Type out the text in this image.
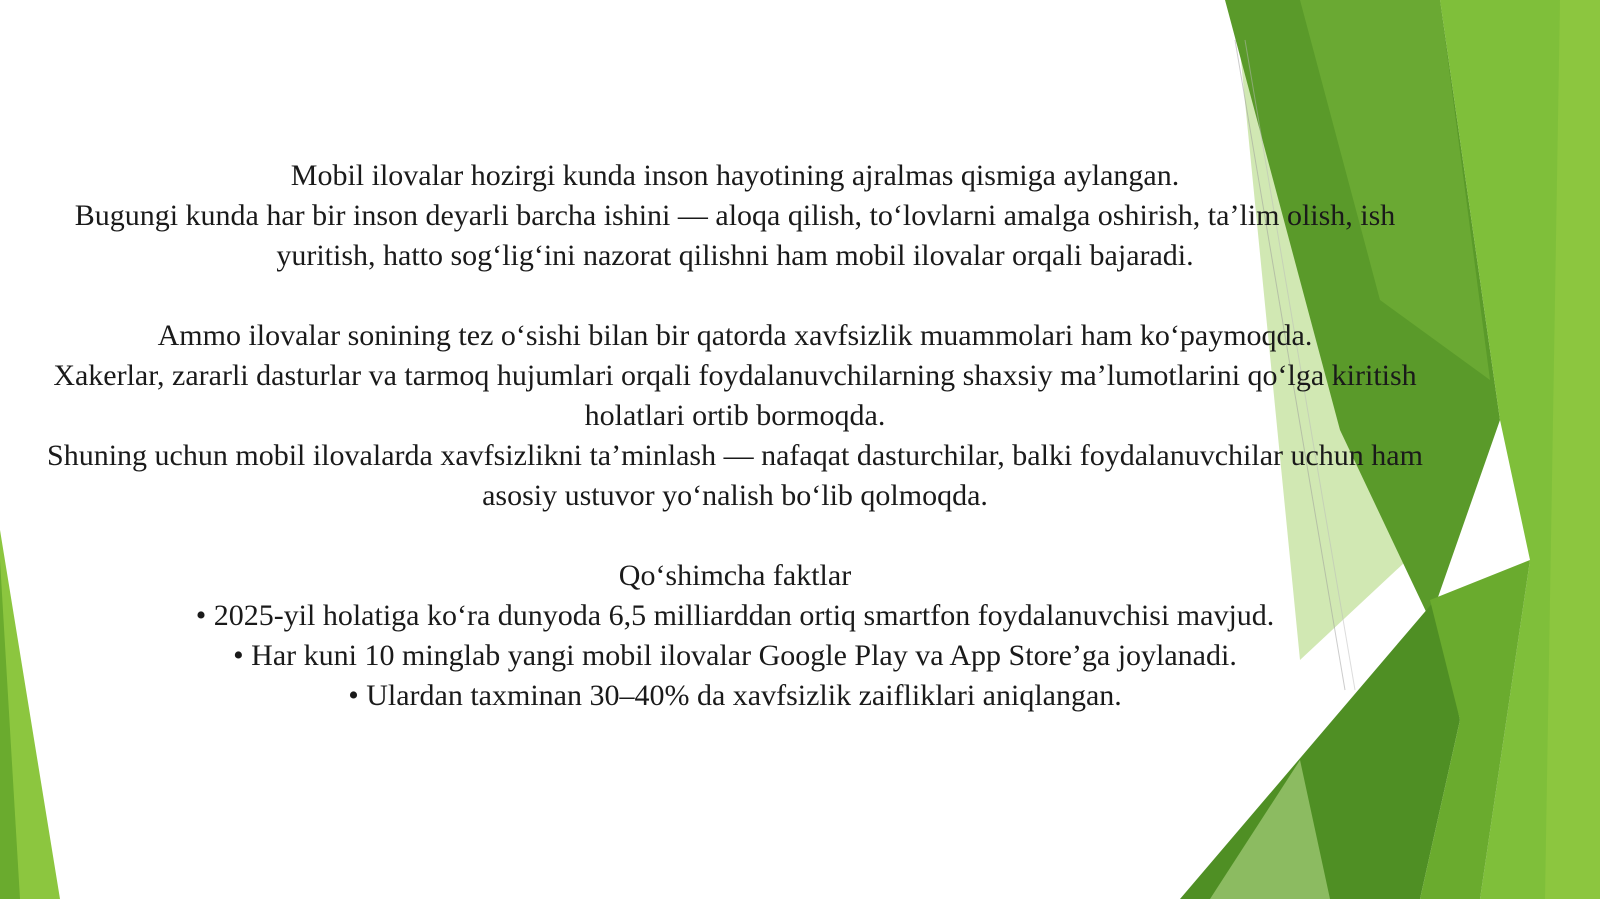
Mobil ilovalar hozirgi kunda inson hayotining ajralmas qismiga aylangan.

Bugungi kunda har bir inson deyarli barcha ishini — aloqa qilish, to‘lovlarni amalga oshirish, ta’lim olish, ish yuritish, hatto sog‘lig‘ini nazorat qilishni ham mobil ilovalar orqali bajaradi.

Ammo ilovalar sonining tez o‘sishi bilan bir qatorda xavfsizlik muammolari ham ko‘paymoqda.

Xakerlar, zararli dasturlar va tarmoq hujumlari orqali foydalanuvchilarning shaxsiy ma’lumotlarini qo‘lga kiritish holatlari ortib bormoqda.

Shuning uchun mobil ilovalarda xavfsizlikni ta’minlash — nafaqat dasturchilar, balki foydalanuvchilar uchun ham asosiy ustuvor yo‘nalish bo‘lib qolmoqda.

Qo‘shimcha faktlar

• 2025-yil holatiga ko‘ra dunyoda 6,5 milliarddan ortiq smartfon foydalanuvchisi mavjud.

• Har kuni 10 minglab yangi mobil ilovalar Google Play va App Store’ga joylanadi.

• Ulardan taxminan 30–40% da xavfsizlik zaifliklari aniqlangan.
